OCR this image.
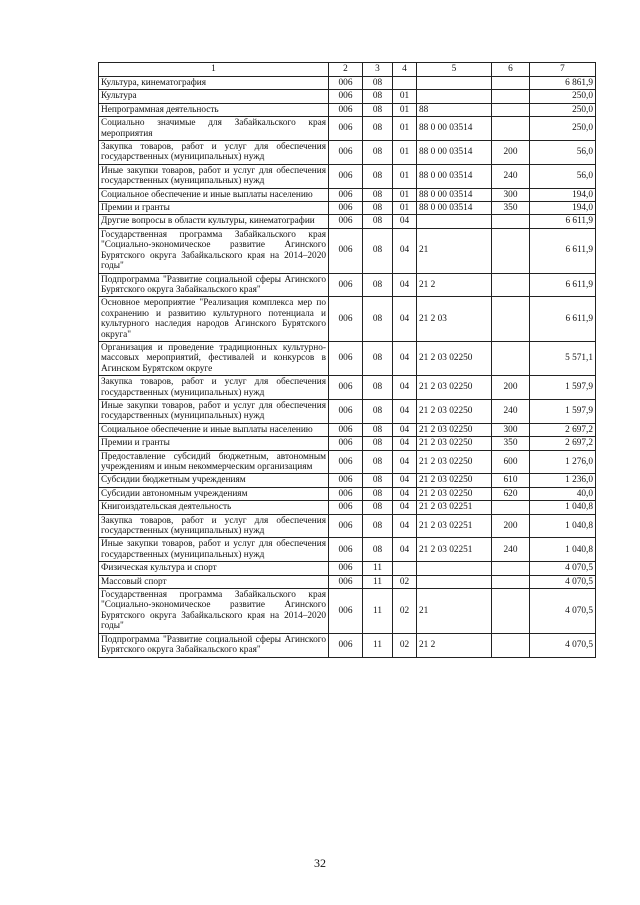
1	2	3	4	5	6	7
Культура, кинематография	006	08				6 861,9
Культура	006	08	01			250,0
Непрограммная деятельность	006	08	01	88		250,0
Социально значимые для Забайкальского края мероприятия	006	08	01	88 0 00 03514		250,0
Закупка товаров, работ и услуг для обеспечения государственных (муниципальных) нужд	006	08	01	88 0 00 03514	200	56,0
Иные закупки товаров, работ и услуг для обеспечения государственных (муниципальных) нужд	006	08	01	88 0 00 03514	240	56,0
Социальное обеспечение и иные выплаты населению	006	08	01	88 0 00 03514	300	194,0
Премии и гранты	006	08	01	88 0 00 03514	350	194,0
Другие вопросы в области культуры, кинематографии	006	08	04			6 611,9
Государственная программа Забайкальского края "Социально-экономическое развитие Агинского Бурятского округа Забайкальского края на 2014–2020 годы"	006	08	04	21		6 611,9
Подпрограмма "Развитие социальной сферы Агинского Бурятского округа Забайкальского края"	006	08	04	21 2		6 611,9
Основное мероприятие "Реализация комплекса мер по сохранению и развитию культурного потенциала и культурного наследия народов Агинского Бурятского округа"	006	08	04	21 2 03		6 611,9
Организация и проведение традиционных культурно-массовых мероприятий, фестивалей и конкурсов в Агинском Бурятском округе	006	08	04	21 2 03 02250		5 571,1
Закупка товаров, работ и услуг для обеспечения государственных (муниципальных) нужд	006	08	04	21 2 03 02250	200	1 597,9
Иные закупки товаров, работ и услуг для обеспечения государственных (муниципальных) нужд	006	08	04	21 2 03 02250	240	1 597,9
Социальное обеспечение и иные выплаты населению	006	08	04	21 2 03 02250	300	2 697,2
Премии и гранты	006	08	04	21 2 03 02250	350	2 697,2
Предоставление субсидий бюджетным, автономным учреждениям и иным некоммерческим организациям	006	08	04	21 2 03 02250	600	1 276,0
Субсидии бюджетным учреждениям	006	08	04	21 2 03 02250	610	1 236,0
Субсидии автономным учреждениям	006	08	04	21 2 03 02250	620	40,0
Книгоиздательская деятельность	006	08	04	21 2 03 02251		1 040,8
Закупка товаров, работ и услуг для обеспечения государственных (муниципальных) нужд	006	08	04	21 2 03 02251	200	1 040,8
Иные закупки товаров, работ и услуг для обеспечения государственных (муниципальных) нужд	006	08	04	21 2 03 02251	240	1 040,8
Физическая культура и спорт	006	11				4 070,5
Массовый спорт	006	11	02			4 070,5
Государственная программа Забайкальского края "Социально-экономическое развитие Агинского Бурятского округа Забайкальского края на 2014–2020 годы"	006	11	02	21		4 070,5
Подпрограмма "Развитие социальной сферы Агинского Бурятского округа Забайкальского края"	006	11	02	21 2		4 070,5
32
